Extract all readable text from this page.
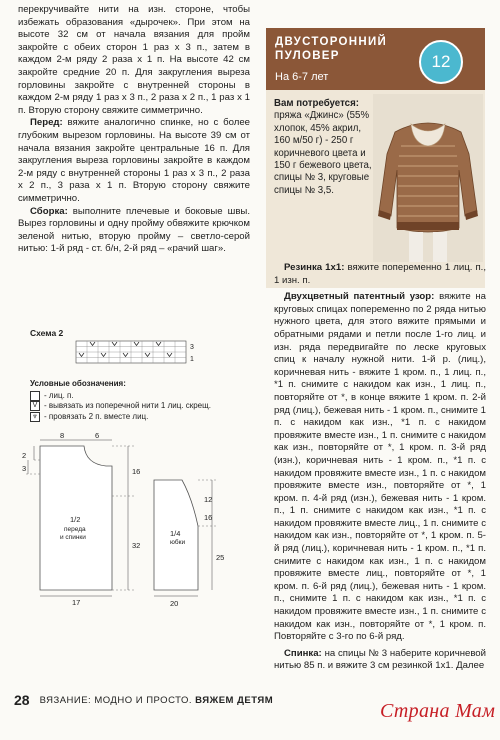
перекручивайте нити на изн. стороне, чтобы избежать образования «дырочек». При этом на высоте 32 см от начала вязания для пройм закройте с обеих сторон 1 раз х 3 п., затем в каждом 2-м ряду 2 раза х 1 п. На высоте 42 см закройте средние 20 п. Для закругления выреза горловины закройте с внутренней стороны в каждом 2-м ряду 1 раз х 3 п., 2 раза х 2 п., 1 раз х 1 п. Вторую сторону свяжите симметрично.

Перед: вяжите аналогично спинке, но с более глубоким вырезом горловины. На высоте 39 см от начала вязания закройте центральные 16 п. Для закругления выреза горловины закройте в каждом 2-м ряду с внутренней стороны 1 раз х 3 п., 2 раза х 2 п., 3 раза х 1 п. Вторую сторону свяжите симметрично.

Сборка: выполните плечевые и боковые швы. Вырез горловины и одну пройму обвяжите крючком зеленой нитью, вторую пройму – светло-серой нитью: 1-й ряд - ст. б/н, 2-й ряд – «рачий шаг».

Схема 2
3
1
Условные обозначения:
- лиц. п.
V - вывязать из поперечной нити 1 лиц. скрещ.
⩔ - провязать 2 п. вместе лиц.
8	6
2
3	16
32
17
1/2
переда
и спинки
12
16
25
20
1/4
юбки
ДВУСТОРОННИЙ
ПУЛОВЕР
На 6-7 лет
12
Вам потребуется:
пряжа «Джинс» (55% хлопок, 45% акрил, 160 м/50 г) - 250 г коричневого цвета и 150 г бежевого цвета, спицы № 3, круговые спицы № 3,5.

Резинка 1х1: вяжите попеременно 1 лиц. п., 1 изн. п.

Двухцветный патентный узор: вяжите на круговых спицах попеременно по 2 ряда нитью нужного цвета, для этого вяжите прямыми и обратными рядами и петли после 1-го лиц. и изн. ряда передвигайте по леске круговых спиц к началу нужной нити. 1-й р. (лиц.), коричневая нить - вяжите 1 кром. п., 1 лиц. п., *1 п. снимите с накидом как изн., 1 лиц. п., повторяйте от *, в конце вяжите 1 кром. п. 2-й ряд (лиц.), бежевая нить - 1 кром. п., снимите 1 п. с накидом как изн., *1 п. с накидом провяжите вместе изн., 1 п. снимите с накидом как изн., повторяйте от *, 1 кром. п. 3-й ряд (изн.), коричневая нить - 1 кром. п., *1 п. с накидом провяжите вместе изн., 1 п. с накидом провяжите вместе изн., повторяйте от *, 1 кром. п. 4-й ряд (изн.), бежевая нить - 1 кром. п., 1 п. снимите с накидом как изн., *1 п. с накидом провяжите вместе лиц., 1 п. снимите с накидом как изн., повторяйте от *, 1 кром. п. 5-й ряд (лиц.), коричневая нить - 1 кром. п., *1 п. снимите с накидом как изн., 1 п. с накидом провяжите вместе лиц., повторяйте от *, 1 кром. п. 6-й ряд (лиц.), бежевая нить - 1 кром. п., снимите 1 п. с накидом как изн., *1 п. с накидом провяжите вместе изн., 1 п. снимите с накидом как изн., повторяйте от *, 1 кром. п. Повторяйте с 3-го по 6-й ряд.

Спинка: на спицы № 3 наберите коричневой нитью 85 п. и вяжите 3 см резинкой 1х1. Далее

28 ВЯЗАНИЕ: МОДНО И ПРОСТО. ВЯЖЕМ ДЕТЯМ	Страна Мам
